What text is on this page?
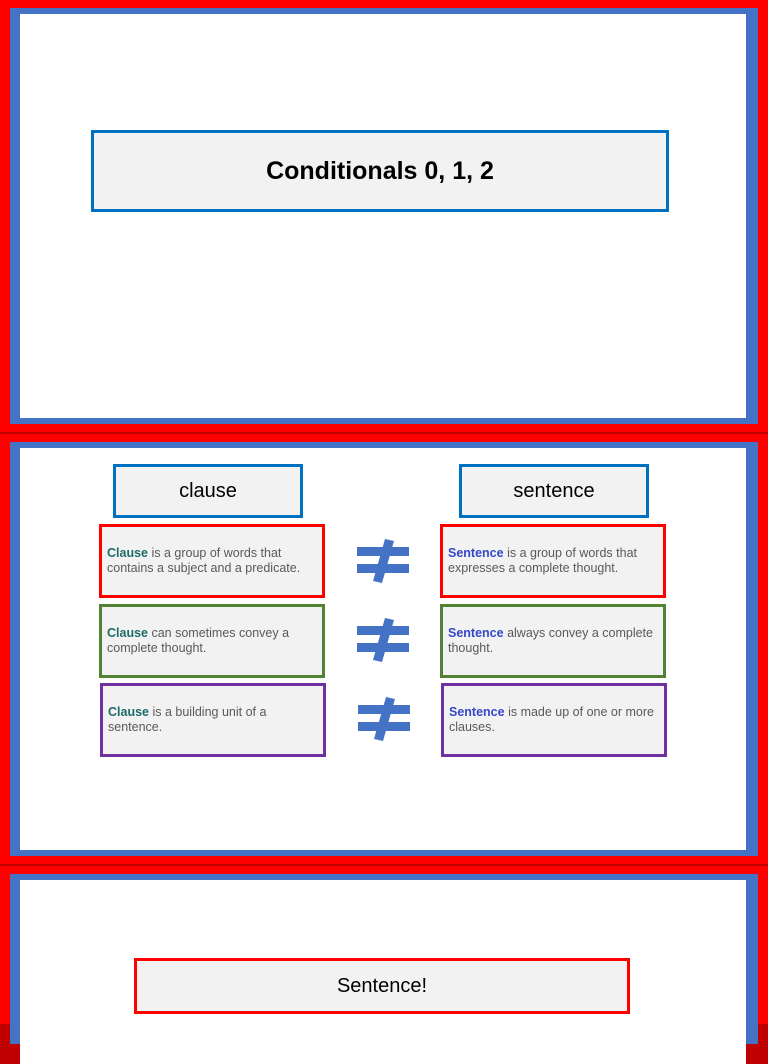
Conditionals 0, 1, 2
clause	sentence
Clause is a group of words that contains a subject and a predicate.
Sentence is a group of words that expresses a complete thought.
Clause can sometimes convey a complete thought.
Sentence always convey a complete thought.
Clause is a building unit of a sentence.
Sentence is made up of one or more clauses.
Sentence!
